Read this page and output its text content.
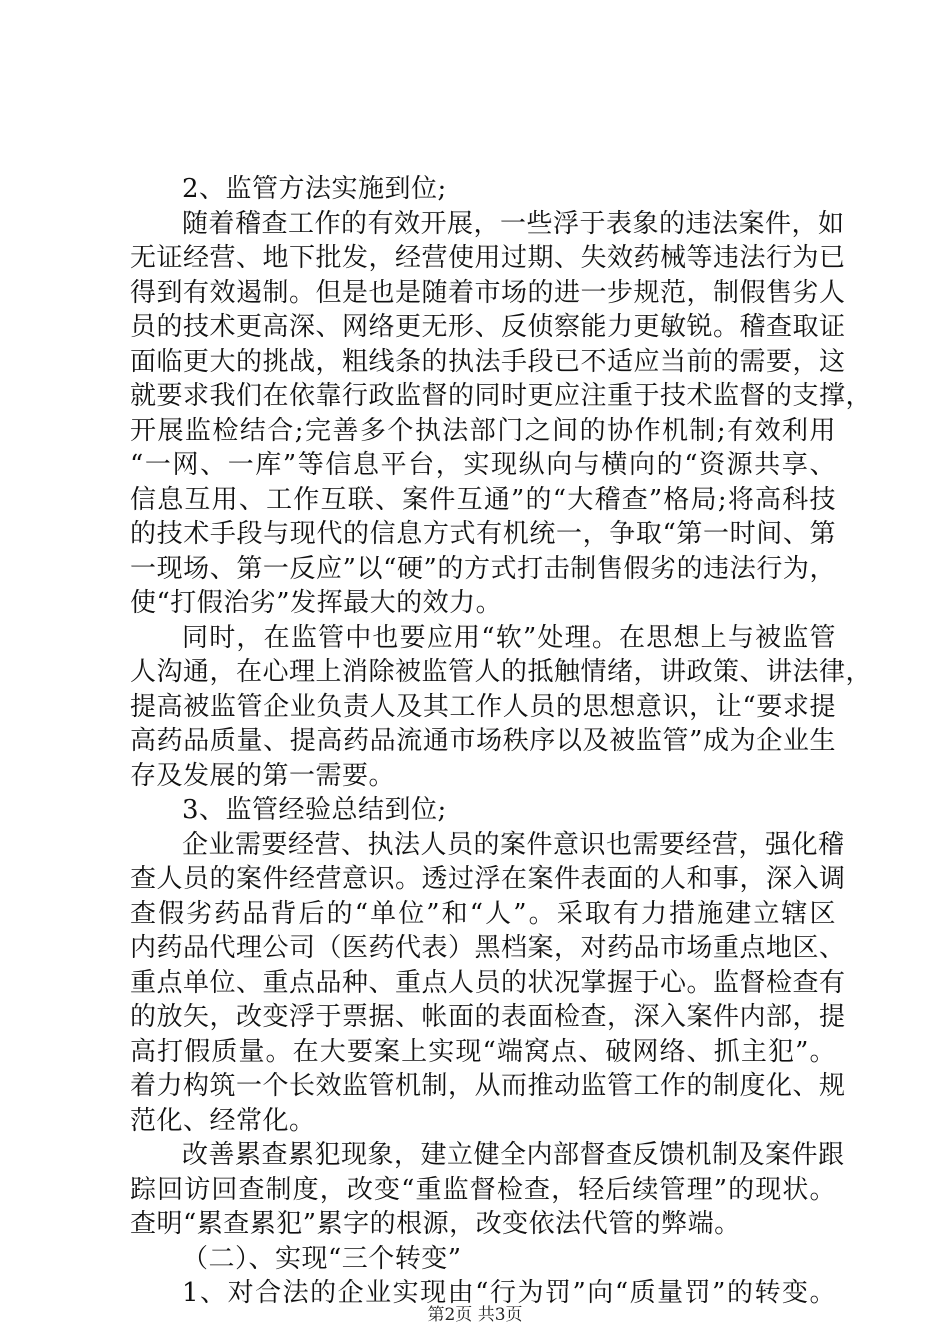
2、监管方法实施到位;
随着稽查工作的有效开展，一些浮于表象的违法案件，如
无证经营、地下批发，经营使用过期、失效药械等违法行为已
得到有效遏制。但是也是随着市场的进一步规范，制假售劣人
员的技术更高深、网络更无形、反侦察能力更敏锐。稽查取证
面临更大的挑战，粗线条的执法手段已不适应当前的需要，这
就要求我们在依靠行政监督的同时更应注重于技术监督的支撑，
开展监检结合;完善多个执法部门之间的协作机制;有效利用
“一网、一库”等信息平台，实现纵向与横向的“资源共享、
信息互用、工作互联、案件互通”的“大稽查”格局;将高科技
的技术手段与现代的信息方式有机统一，争取“第一时间、第
一现场、第一反应”以“硬”的方式打击制售假劣的违法行为，
使“打假治劣”发挥最大的效力。
同时，在监管中也要应用“软”处理。在思想上与被监管
人沟通，在心理上消除被监管人的抵触情绪，讲政策、讲法律，
提高被监管企业负责人及其工作人员的思想意识，让“要求提
高药品质量、提高药品流通市场秩序以及被监管”成为企业生
存及发展的第一需要。
3、监管经验总结到位;
企业需要经营、执法人员的案件意识也需要经营，强化稽
查人员的案件经营意识。透过浮在案件表面的人和事，深入调
查假劣药品背后的“单位”和“人”。采取有力措施建立辖区
内药品代理公司（医药代表）黑档案，对药品市场重点地区、
重点单位、重点品种、重点人员的状况掌握于心。监督检查有
的放矢，改变浮于票据、帐面的表面检查，深入案件内部，提
高打假质量。在大要案上实现“端窝点、破网络、抓主犯”。
着力构筑一个长效监管机制，从而推动监管工作的制度化、规
范化、经常化。
改善累查累犯现象，建立健全内部督查反馈机制及案件跟
踪回访回查制度，改变“重监督检查，轻后续管理”的现状。
查明“累查累犯”累字的根源，改变依法代管的弊端。
（二）、实现“三个转变”
1、对合法的企业实现由“行为罚”向“质量罚”的转变。
第2页 共3页
